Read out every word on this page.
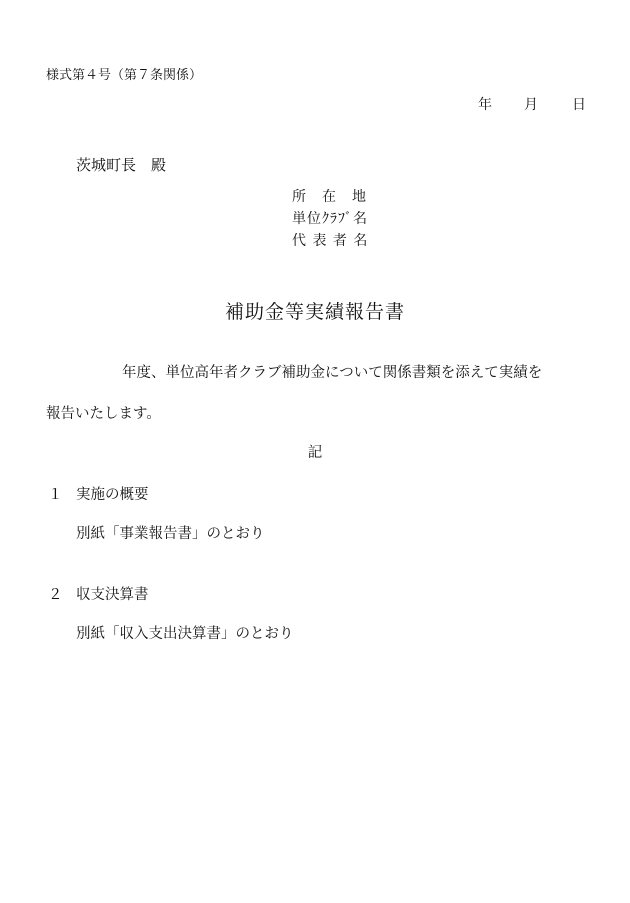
様式第４号（第７条関係）
年 月 日
茨城町長　殿
所　在　地
単位ｸﾗﾌﾞ名
代 表 者 名
補助金等実績報告書
年度、単位高年者クラブ補助金について関係書類を添えて実績を
報告いたします。
記
１ 実施の概要
別紙「事業報告書」のとおり
２ 収支決算書
別紙「収入支出決算書」のとおり
